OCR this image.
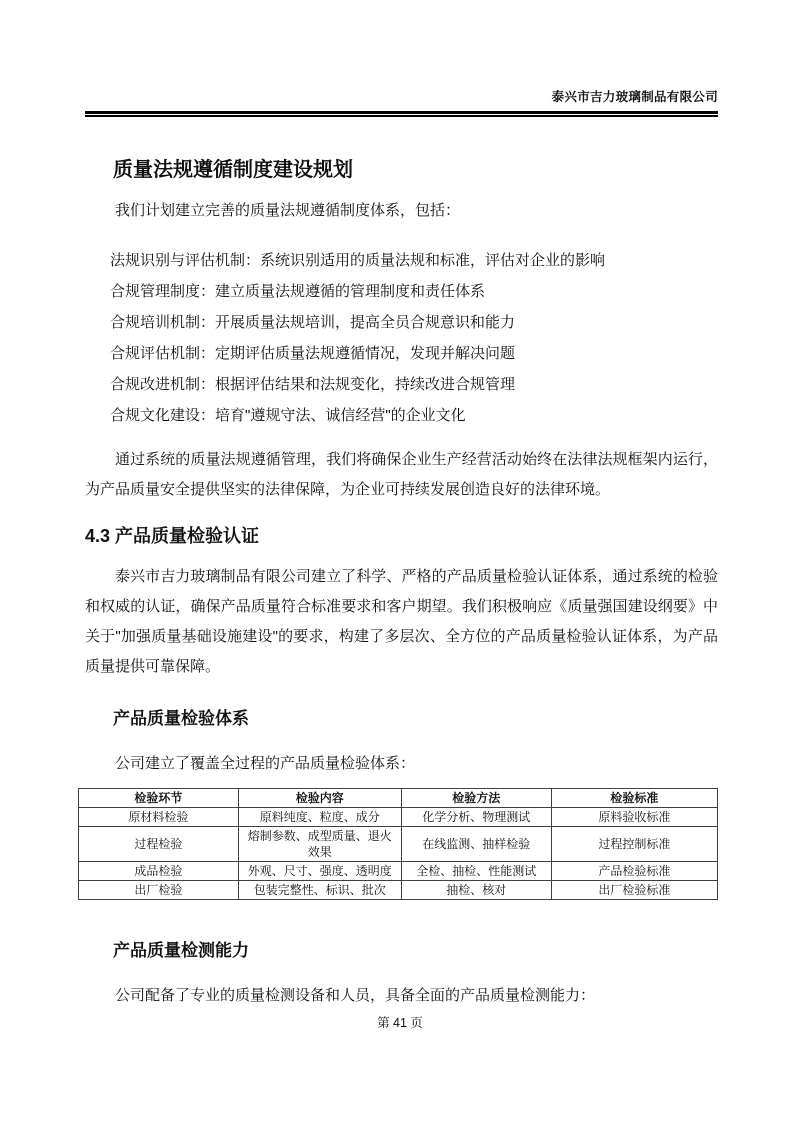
泰兴市吉力玻璃制品有限公司
质量法规遵循制度建设规划
我们计划建立完善的质量法规遵循制度体系，包括：
法规识别与评估机制：系统识别适用的质量法规和标准，评估对企业的影响
合规管理制度：建立质量法规遵循的管理制度和责任体系
合规培训机制：开展质量法规培训，提高全员合规意识和能力
合规评估机制：定期评估质量法规遵循情况，发现并解决问题
合规改进机制：根据评估结果和法规变化，持续改进合规管理
合规文化建设：培育"遵规守法、诚信经营"的企业文化
通过系统的质量法规遵循管理，我们将确保企业生产经营活动始终在法律法规框架内运行，为产品质量安全提供坚实的法律保障，为企业可持续发展创造良好的法律环境。
4.3 产品质量检验认证
泰兴市吉力玻璃制品有限公司建立了科学、严格的产品质量检验认证体系，通过系统的检验和权威的认证，确保产品质量符合标准要求和客户期望。我们积极响应《质量强国建设纲要》中关于"加强质量基础设施建设"的要求，构建了多层次、全方位的产品质量检验认证体系，为产品质量提供可靠保障。
产品质量检验体系
公司建立了覆盖全过程的产品质量检验体系：
检验环节	检验内容	检验方法	检验标准
原材料检验	原料纯度、粒度、成分	化学分析、物理测试	原料验收标准
过程检验	熔制参数、成型质量、退火效果	在线监测、抽样检验	过程控制标准
成品检验	外观、尺寸、强度、透明度	全检、抽检、性能测试	产品检验标准
出厂检验	包装完整性、标识、批次	抽检、核对	出厂检验标准
产品质量检测能力
公司配备了专业的质量检测设备和人员，具备全面的产品质量检测能力：
第 41 页
